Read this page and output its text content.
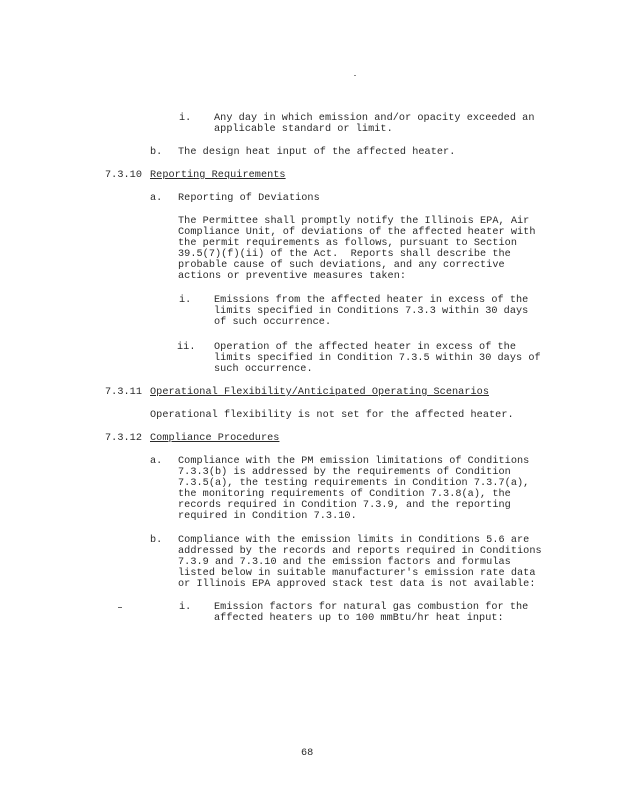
i. Any day in which emission and/or opacity exceeded an
applicable standard or limit.
b. The design heat input of the affected heater.
7.3.10 Reporting Requirements
a. Reporting of Deviations
The Permittee shall promptly notify the Illinois EPA, Air
Compliance Unit, of deviations of the affected heater with
the permit requirements as follows, pursuant to Section
39.5(7)(f)(ii) of the Act.  Reports shall describe the
probable cause of such deviations, and any corrective
actions or preventive measures taken:
i. Emissions from the affected heater in excess of the
limits specified in Conditions 7.3.3 within 30 days
of such occurrence.
ii. Operation of the affected heater in excess of the
limits specified in Condition 7.3.5 within 30 days of
such occurrence.
7.3.11 Operational Flexibility/Anticipated Operating Scenarios
Operational flexibility is not set for the affected heater.
7.3.12 Compliance Procedures
a. Compliance with the PM emission limitations of Conditions
7.3.3(b) is addressed by the requirements of Condition
7.3.5(a), the testing requirements in Condition 7.3.7(a),
the monitoring requirements of Condition 7.3.8(a), the
records required in Condition 7.3.9, and the reporting
required in Condition 7.3.10.
b. Compliance with the emission limits in Conditions 5.6 are
addressed by the records and reports required in Conditions
7.3.9 and 7.3.10 and the emission factors and formulas
listed below in suitable manufacturer's emission rate data
or Illinois EPA approved stack test data is not available:
i. Emission factors for natural gas combustion for the
affected heaters up to 100 mmBtu/hr heat input:
68
